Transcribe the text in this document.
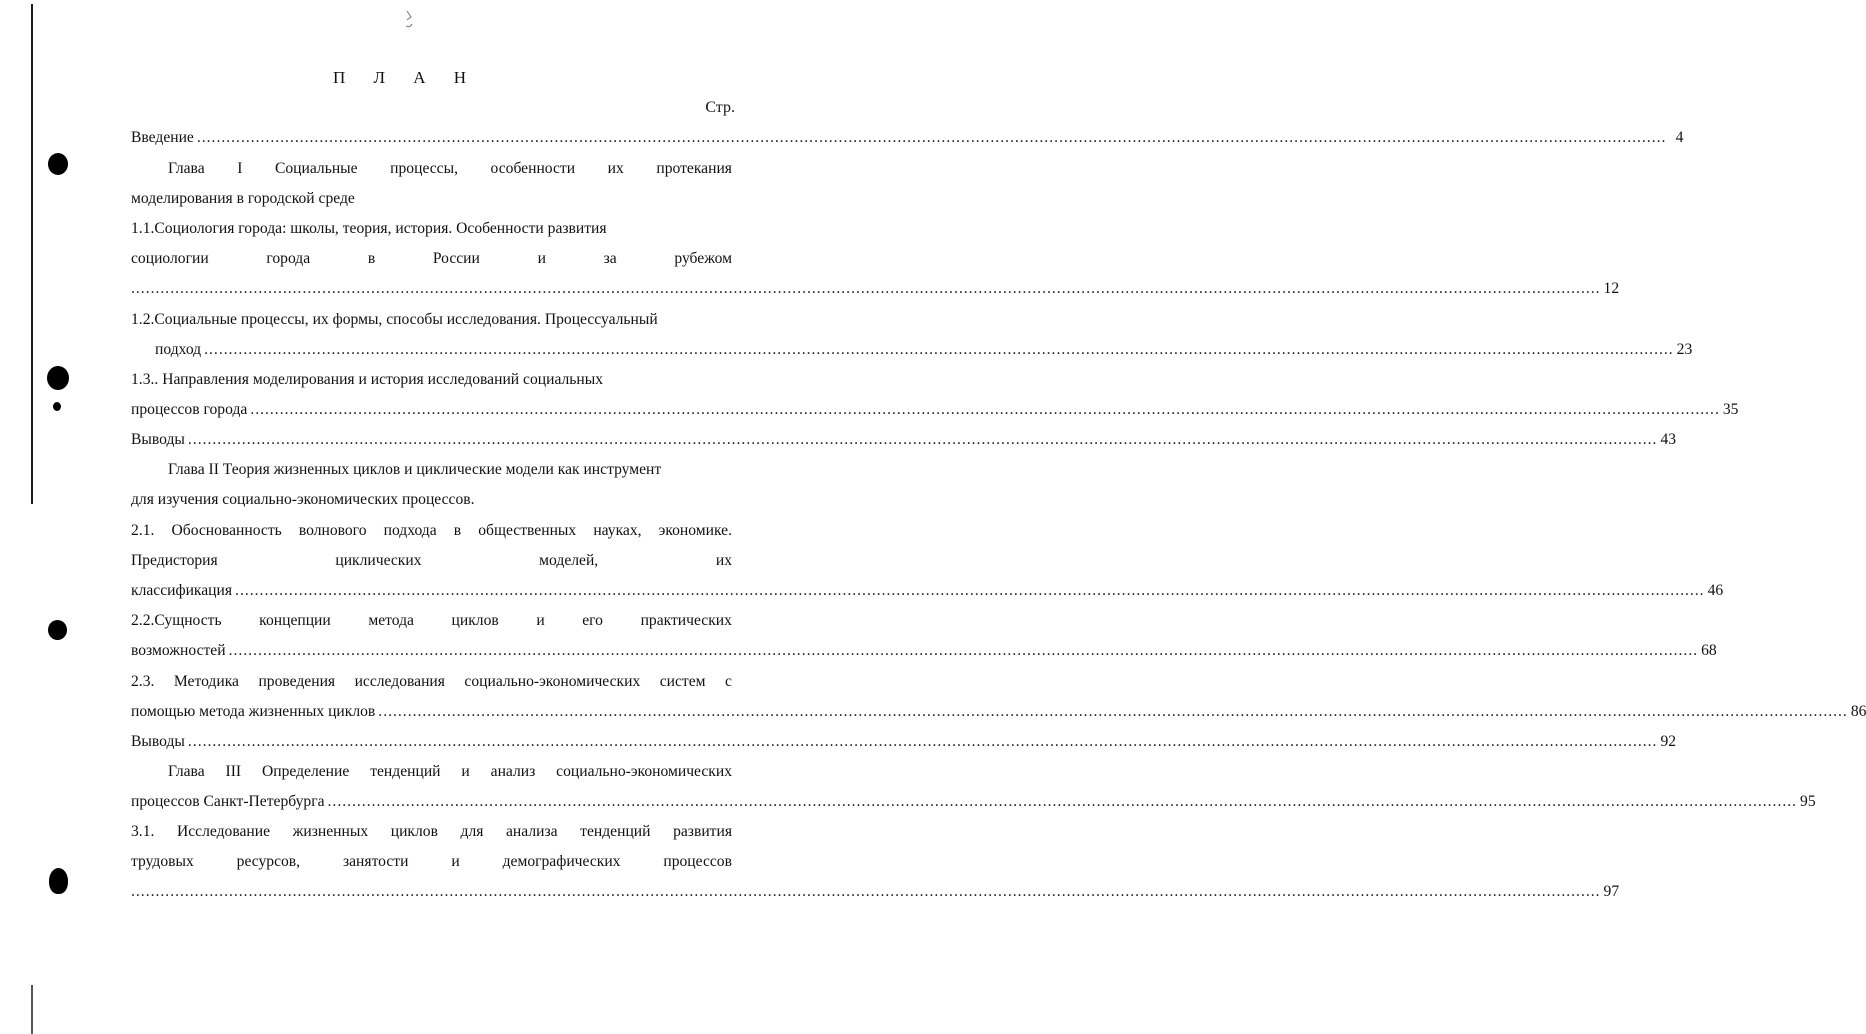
П Л А Н
Стр.
Введение ............................................................................................................................................................................................................................................................................................................ 4
Глава I Социальные процессы, особенности их протекания
моделирования в городской среде
1.1.Социология города: школы, теория, история. Особенности развития
социологии	города	в	России	и	за	рубежом
............................................................................................................................................................................................................................................................................................................ 12
1.2.Социальные процессы, их формы, способы исследования. Процессуальный
подход ............................................................................................................................................................................................................................................................................................................ 23
1.3.. Направления моделирования и история исследований социальных
процессов города ............................................................................................................................................................................................................................................................................................................ 35
Выводы ............................................................................................................................................................................................................................................................................................................ 43
Глава II Теория жизненных циклов и циклические модели как инструмент
для изучения социально-экономических процессов.
2.1. Обоснованность волнового подхода в общественных науках, экономике.
Предистория	циклических	моделей,	их
классификация ............................................................................................................................................................................................................................................................................................................ 46
2.2.Сущность концепции метода циклов и его практических
возможностей ............................................................................................................................................................................................................................................................................................................ 68
2.3. Методика проведения исследования социально-экономических систем с
помощью метода жизненных циклов ............................................................................................................................................................................................................................................................................................................ 86
Выводы ............................................................................................................................................................................................................................................................................................................ 92
Глава III Определение тенденций и анализ социально-экономических
процессов Санкт-Петербурга ............................................................................................................................................................................................................................................................................................................ 95
3.1. Исследование жизненных циклов для анализа тенденций развития
трудовых	ресурсов,	занятости	и	демографических	процессов
............................................................................................................................................................................................................................................................................................................ 97
